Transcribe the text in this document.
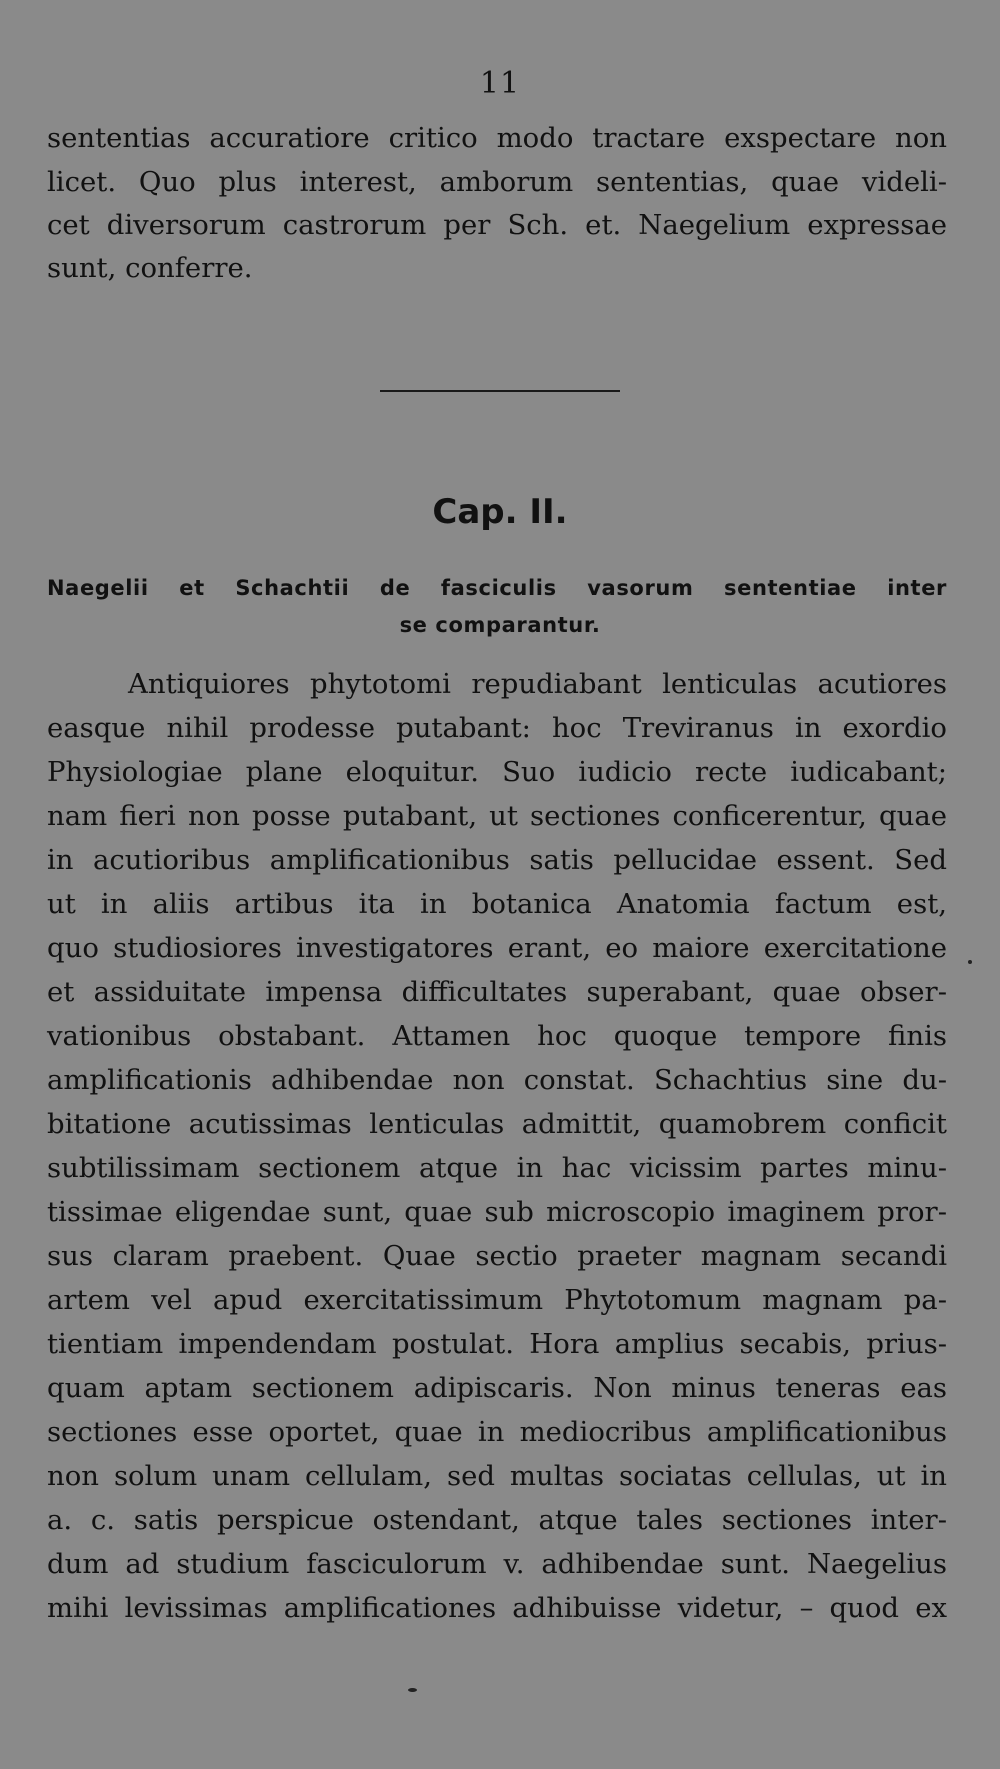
11
sententias accuratiore critico modo tractare exspectare non
licet. Quo plus interest, amborum sententias, quae videli-
cet diversorum castrorum per Sch. et. Naegelium expressae
sunt, conferre.
Cap. II.
Naegelii et Schachtii de fasciculis vasorum sententiae inter
se comparantur.
Antiquiores phytotomi repudiabant lenticulas acutiores
easque nihil prodesse putabant: hoc Treviranus in exordio
Physiologiae plane eloquitur. Suo iudicio recte iudicabant;
nam fieri non posse putabant, ut sectiones conficerentur, quae
in acutioribus amplificationibus satis pellucidae essent. Sed
ut in aliis artibus ita in botanica Anatomia factum est,
quo studiosiores investigatores erant, eo maiore exercitatione
et assiduitate impensa difficultates superabant, quae obser-
vationibus obstabant. Attamen hoc quoque tempore finis
amplificationis adhibendae non constat. Schachtius sine du-
bitatione acutissimas lenticulas admittit, quamobrem conficit
subtilissimam sectionem atque in hac vicissim partes minu-
tissimae eligendae sunt, quae sub microscopio imaginem pror-
sus claram praebent. Quae sectio praeter magnam secandi
artem vel apud exercitatissimum Phytotomum magnam pa-
tientiam impendendam postulat. Hora amplius secabis, prius-
quam aptam sectionem adipiscaris. Non minus teneras eas
sectiones esse oportet, quae in mediocribus amplificationibus
non solum unam cellulam, sed multas sociatas cellulas, ut in
a. c. satis perspicue ostendant, atque tales sectiones inter-
dum ad studium fasciculorum v. adhibendae sunt. Naegelius
mihi levissimas amplificationes adhibuisse videtur, – quod ex
